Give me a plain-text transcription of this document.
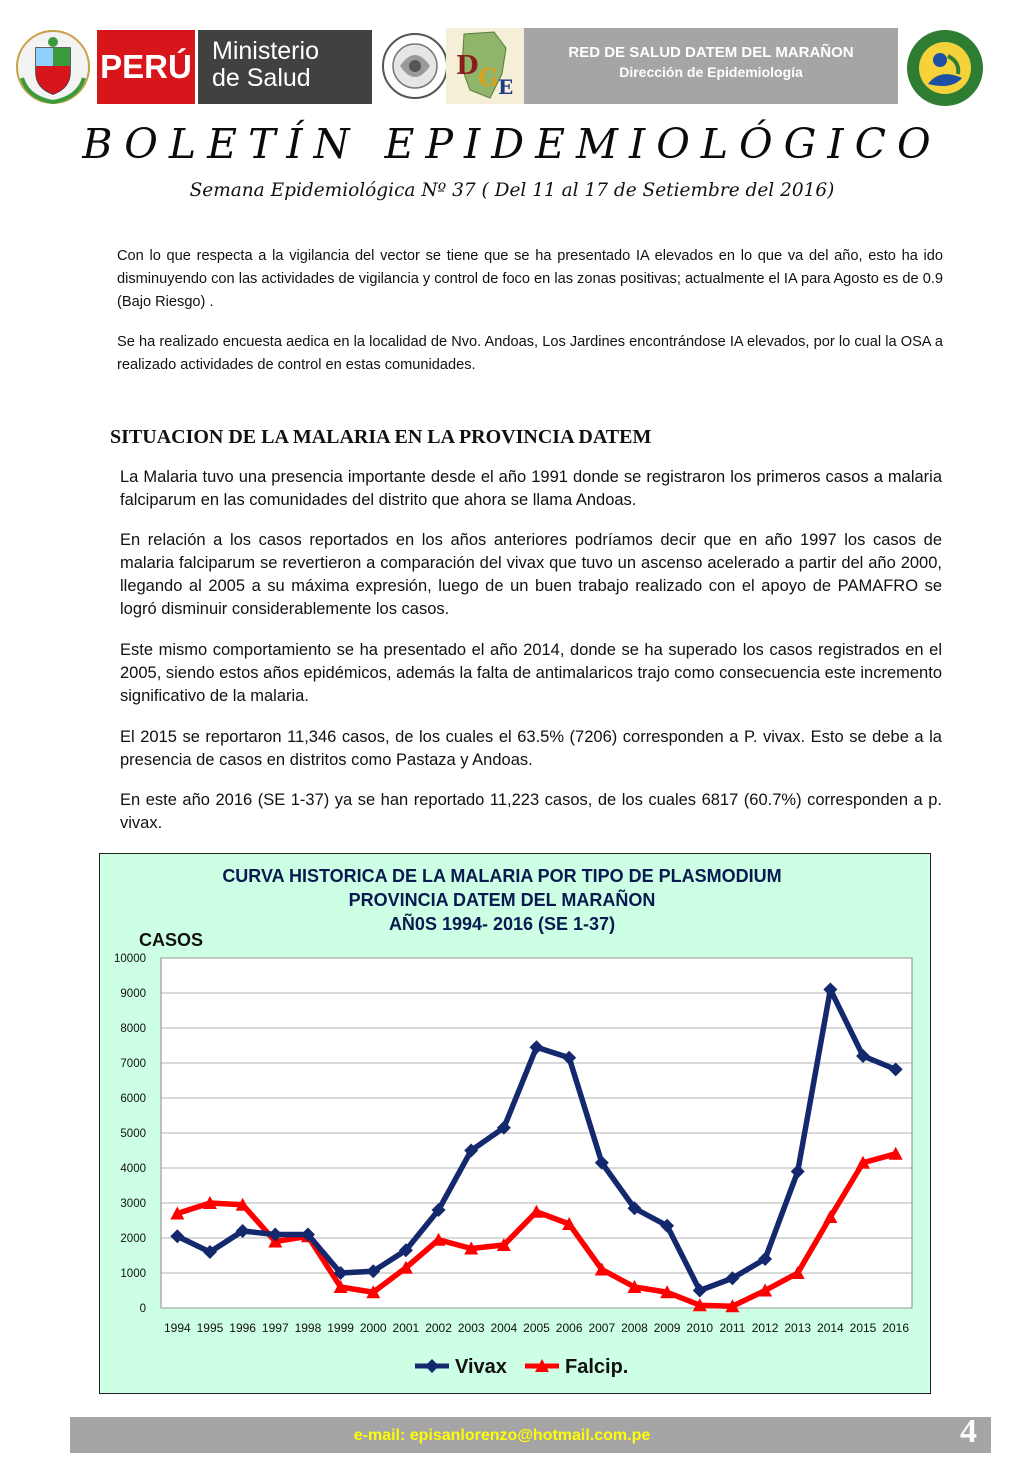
PERÚ Ministerio
de Salud	D G E
RED DE SALUD DATEM DEL MARAÑON
Dirección de Epidemiología
BOLETÍN EPIDEMIOLÓGICO
Semana Epidemiológica Nº 37 ( Del 11 al 17 de Setiembre del 2016)

Con lo que respecta a la vigilancia del vector se tiene que se ha presentado IA elevados en lo que va del año, esto ha ido disminuyendo con las actividades de vigilancia y control de foco en las zonas positivas; actualmente el IA para Agosto es de 0.9 (Bajo Riesgo) .

Se ha realizado encuesta aedica en la localidad de Nvo. Andoas, Los Jardines encontrándose IA elevados, por lo cual la OSA a realizado actividades de control en estas comunidades.

SITUACION DE LA MALARIA EN LA PROVINCIA DATEM

La Malaria tuvo una presencia importante desde el año 1991 donde se registraron los primeros casos a malaria falciparum en las comunidades del distrito que ahora se llama Andoas.

En relación a los casos reportados en los años anteriores podríamos decir que en año 1997 los casos de malaria falciparum se revertieron a comparación del vivax que tuvo un ascenso acelerado a partir del año 2000, llegando al 2005 a su máxima expresión, luego de un buen trabajo realizado con el apoyo de PAMAFRO se logró disminuir considerablemente los casos.

Este mismo comportamiento se ha presentado el año 2014, donde se ha superado los casos registrados en el 2005, siendo estos años epidémicos, además la falta de antimalaricos trajo como consecuencia este incremento significativo de la malaria.

El 2015 se reportaron 11,346 casos, de los cuales el 63.5% (7206) corresponden a P. vivax. Esto se debe a la presencia de casos en distritos como Pastaza y Andoas.

En este año 2016 (SE 1-37) ya se han reportado 11,223 casos, de los cuales 6817 (60.7%) corresponden a p. vivax.

CURVA HISTORICA DE LA MALARIA POR TIPO DE PLASMODIUM
PROVINCIA DATEM DEL MARAÑON
AÑ0S 1994- 2016 (SE 1-37)
CASOS
0
1000
2000
3000
4000
5000
6000
7000
8000
9000
10000
1994 1995 1996 1997 1998 1999 2000 2001 2002 2003 2004 2005 2006 2007 2008 2009 2010 2011 2012 2013 2014 2015 2016
Vivax	Falcip.
e-mail: episanlorenzo@hotmail.com.pe	4
